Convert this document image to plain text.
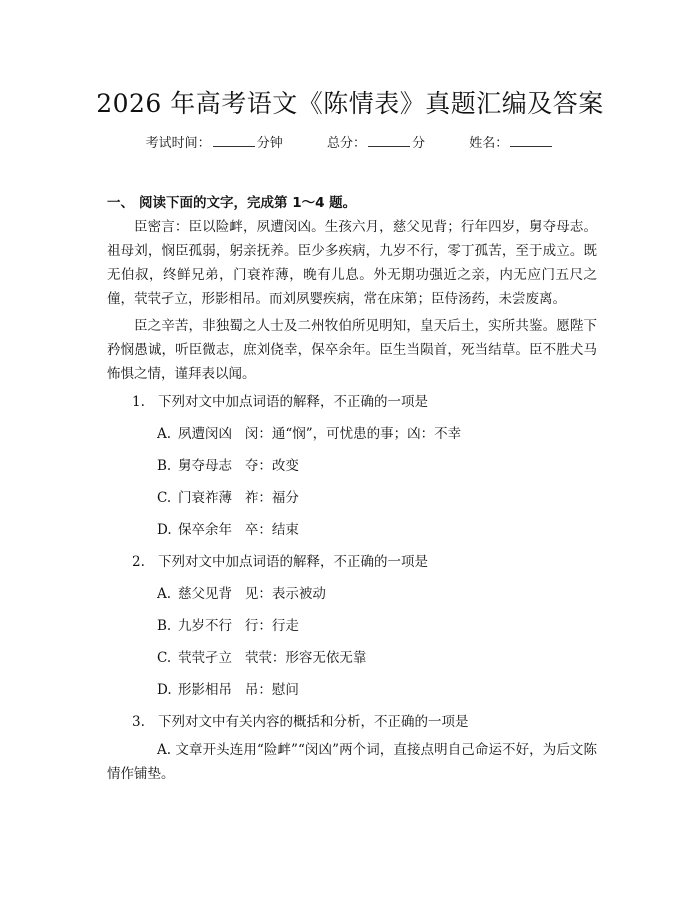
2026 年高考语文《陈情表》真题汇编及答案
考试时间：	分钟	总分：	分	姓名：
一、 阅读下面的文字，完成第 1～4 题。
臣密言：臣以险衅，夙遭闵凶。生孩六月，慈父见背；行年四岁，舅夺母志。祖母刘，悯臣孤弱，躬亲抚养。臣少多疾病，九岁不行，零丁孤苦，至于成立。既无伯叔，终鲜兄弟，门衰祚薄，晚有儿息。外无期功强近之亲，内无应门五尺之僮，茕茕孑立，形影相吊。而刘夙婴疾病，常在床第；臣侍汤药，未尝废离。
臣之辛苦，非独蜀之人士及二州牧伯所见明知，皇天后土，实所共鉴。愿陛下矜悯愚诚，听臣微志，庶刘侥幸，保卒余年。臣生当陨首，死当结草。臣不胜犬马怖惧之情，谨拜表以闻。
1. 下列对文中加点词语的解释，不正确的一项是
A. 夙遭闵凶   闵：通“悯”，可忧患的事；凶：不幸
B. 舅夺母志   夺：改变
C. 门衰祚薄   祚：福分
D. 保卒余年   卒：结束
2. 下列对文中加点词语的解释，不正确的一项是
A. 慈父见背   见：表示被动
B. 九岁不行   行：行走
C. 茕茕孑立   茕茕：形容无依无靠
D. 形影相吊   吊：慰问
3. 下列对文中有关内容的概括和分析，不正确的一项是
A. 文章开头连用“险衅”“闵凶”两个词，直接点明自己命运不好，为后文陈情作铺垫。
